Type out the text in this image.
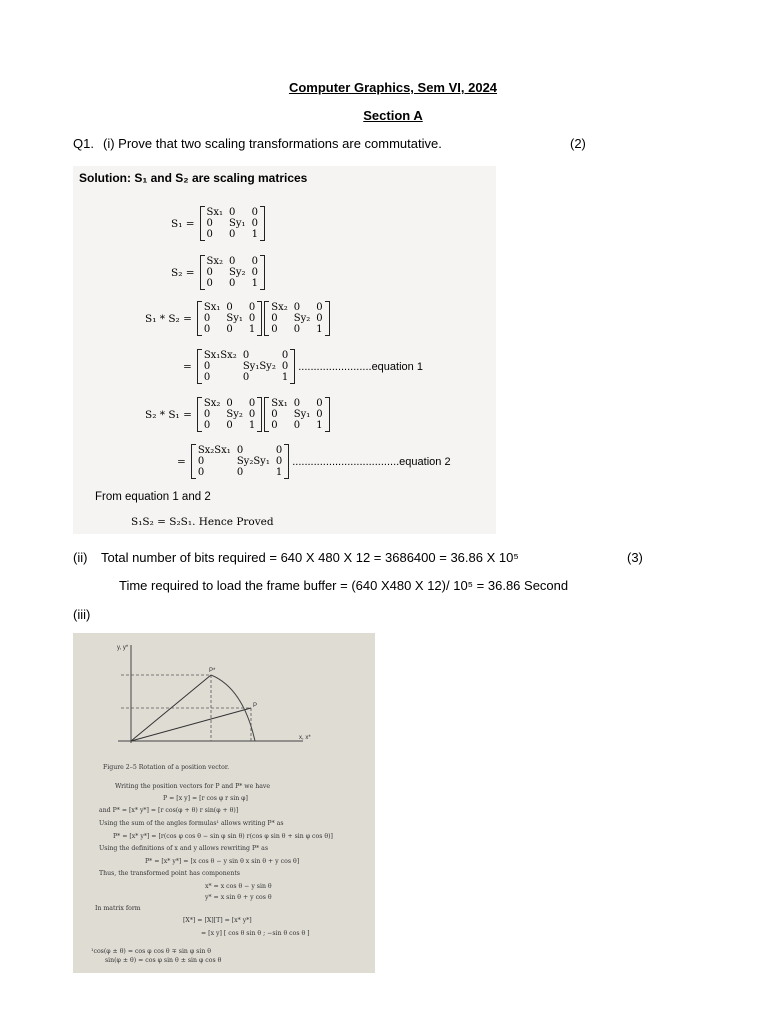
Computer Graphics, Sem VI, 2024
Section A
Q1. (i) Prove that two scaling transformations are commutative.	(2)
Solution: S₁ and S₂ are scaling matrices
S₁ =
Sx₁	0	0
0	Sy₁	0
0	0	1
S₂ =
Sx₂	0	0
0	Sy₂	0
0	0	1
S₁ * S₂ =
Sx₁	0	0
0	Sy₁	0
0	0	1
Sx₂	0	0
0	Sy₂	0
0	0	1
=
Sx₁Sx₂	0	0
0	Sy₁Sy₂	0
0	0	1
........................equation 1
S₂ * S₁ =
Sx₂	0	0
0	Sy₂	0
0	0	1
Sx₁	0	0
0	Sy₁	0
0	0	1
=
Sx₂Sx₁	0	0
0	Sy₂Sy₁	0
0	0	1
...................................equation 2
From equation 1 and 2
S₁S₂ = S₂S₁. Hence Proved
(ii) Total number of bits required = 640 X 480 X 12 = 3686400 = 36.86 X 10⁵	(3)
Time required to load the frame buffer = (640 X480 X 12)/ 10⁵ = 36.86 Second
(iii)
y, y*
x, x*
P
P*
Figure 2–5 Rotation of a position vector.
Writing the position vectors for P and P* we have
P = [x y] = [r cos φ r sin φ]
and P* = [x* y*] = [r cos(φ + θ) r sin(φ + θ)]
Using the sum of the angles formulas¹ allows writing P* as
P* = [x* y*] = [r(cos φ cos θ − sin φ sin θ) r(cos φ sin θ + sin φ cos θ)]
Using the definitions of x and y allows rewriting P* as
P* = [x* y*] = [x cos θ − y sin θ x sin θ + y cos θ]
Thus, the transformed point has components
x* = x cos θ − y sin θ
y* = x sin θ + y cos θ
In matrix form
[X*] = [X][T] = [x* y*]
= [x y] [ cos θ sin θ ; −sin θ cos θ ]
¹cos(φ ± θ) = cos φ cos θ ∓ sin φ sin θ
sin(φ ± θ) = cos φ sin θ ± sin φ cos θ
